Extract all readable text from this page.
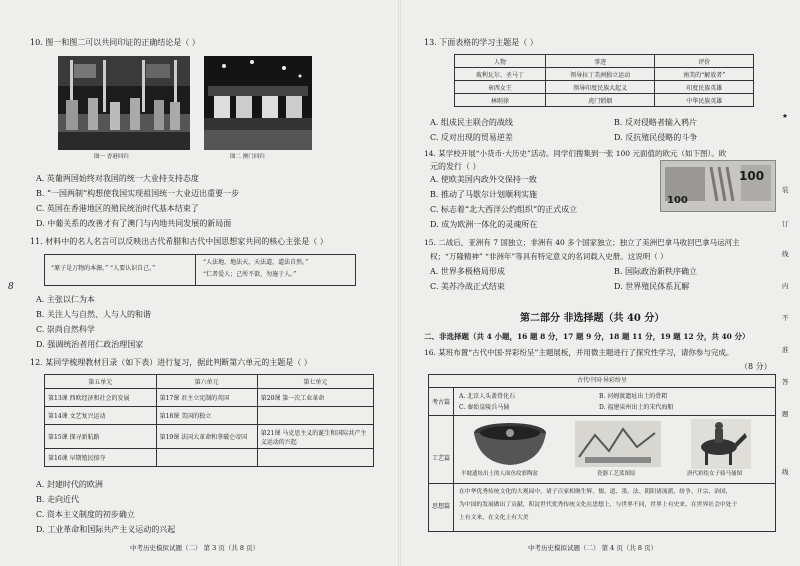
10. 图一和图二可以共同印证的正确结论是（ ）
图一 香港回归	图二 澳门回归
A. 英葡两国始终对我国的统一大业持支持态度
B. “一国两制”构想使我国实现祖国统一大业迈出重要一步
C. 英国在香港地区的殖民统治时代基本结束了
D. 中葡关系的改善才有了澳门与内地共同发展的新局面
11. 材料中的名人名言可以反映出古代希腊和古代中国思想家共同的核心主张是（ ）
“原子是万物的本源。” “人要认识自己。”
“人法地，地法天，天法道，道法自然。”
“仁者爱人；己所不欲，勿施于人。”
A. 主张以仁为本
B. 关注人与自然、人与人的和谐
C. 崇尚自然科学
D. 强调统治者用仁政治理国家
12. 某同学梳理教材目录（如下表）进行复习，据此判断第六单元的主题是（ ）
第五单元	第六单元	第七单元
第13课 西欧经济和社会的发展	第17课 君主立宪制的英国	第20课 第一次工业革命
第14课 文艺复兴运动	第18课 美国的独立	
第15课 探寻新航路	第19课 法国大革命和拿破仑帝国	第21课 马克思主义的诞生和国际共产主义运动的兴起
第16课 早期殖民掠夺		
A. 封建时代的欧洲
B. 走向近代
C. 资本主义制度的初步确立
D. 工业革命和国际共产主义运动的兴起
中考历史模拟试题（二） 第 3 页（共 8 页）
8
13. 下面表格的学习主题是（ ）
人物	事迹	评价
玻利瓦尔、圣马丁	领导拉丁美洲独立运动	南美的“解放者”
章西女王	领导印度民族大起义	印度民族英雄
林则徐	虎门销烟	中华民族英雄
A. 组成民主联合的战线	B. 反对侵略者输入鸦片
C. 反对出现的贸易逆差	D. 反抗殖民侵略的斗争
14. 某学校开展“小货币·大历史”活动。同学们搜集到一张 100 元面值的欧元（如下图）。欧
元的发行（ ）
100
100
A. 使欧美国内政外交保持一致
B. 推动了马歇尔计划顺利实施
C. 标志着“北大西洋公约组织”的正式成立
D. 成为欧洲一体化的灵魂所在
15. 二战后，亚洲有 7 国独立；非洲有 40 多个国家独立；独立了美洲巴拿马收回巴拿马运河主
权；“万隆精神” “非洲年”等具有特定意义的名词载入史册。这说明（ ）
A. 世界多极格局形成	B. 国际政治新秩序确立
C. 美苏冷战正式结束	D. 世界殖民体系瓦解
第二部分 非选择题（共 40 分）
二、非选择题（共 4 小题，16 题 8 分，17 题 9 分，18 题 11 分，19 题 12 分，共 40 分）
16. 某班布置“古代中国·异彩纷呈”主题展板，并用微主题进行了探究性学习，请你参与完成。
（8 分）
古代中国·异彩纷呈
考古篇
A. 北京人头盖骨化石	B. 河姆渡遗址出土的骨耜
C. 秦始皇陵兵马俑	D. 福建泉州出土的宋代海船
工艺篇
半坡遗址出土的人面鱼纹彩陶盆	瓷器工艺蓝图原	唐代彩绘女子骑马俑图
思想篇
在中华优秀传统文化的大观园中，诸子百家相继生辉，儒、道、墨、法、阴阳诸流派，纷争、开宗、治国，
为中国的发展做出了贡献，积淀世代优秀传统文化在思想上，与世界不同，世界上有史来，在世界社会中处于
上有文来，在文化上有大美
中考历史模拟试题（二） 第 4 页（共 8 页）
★
装
订
线
内
不
准
答
题
线
